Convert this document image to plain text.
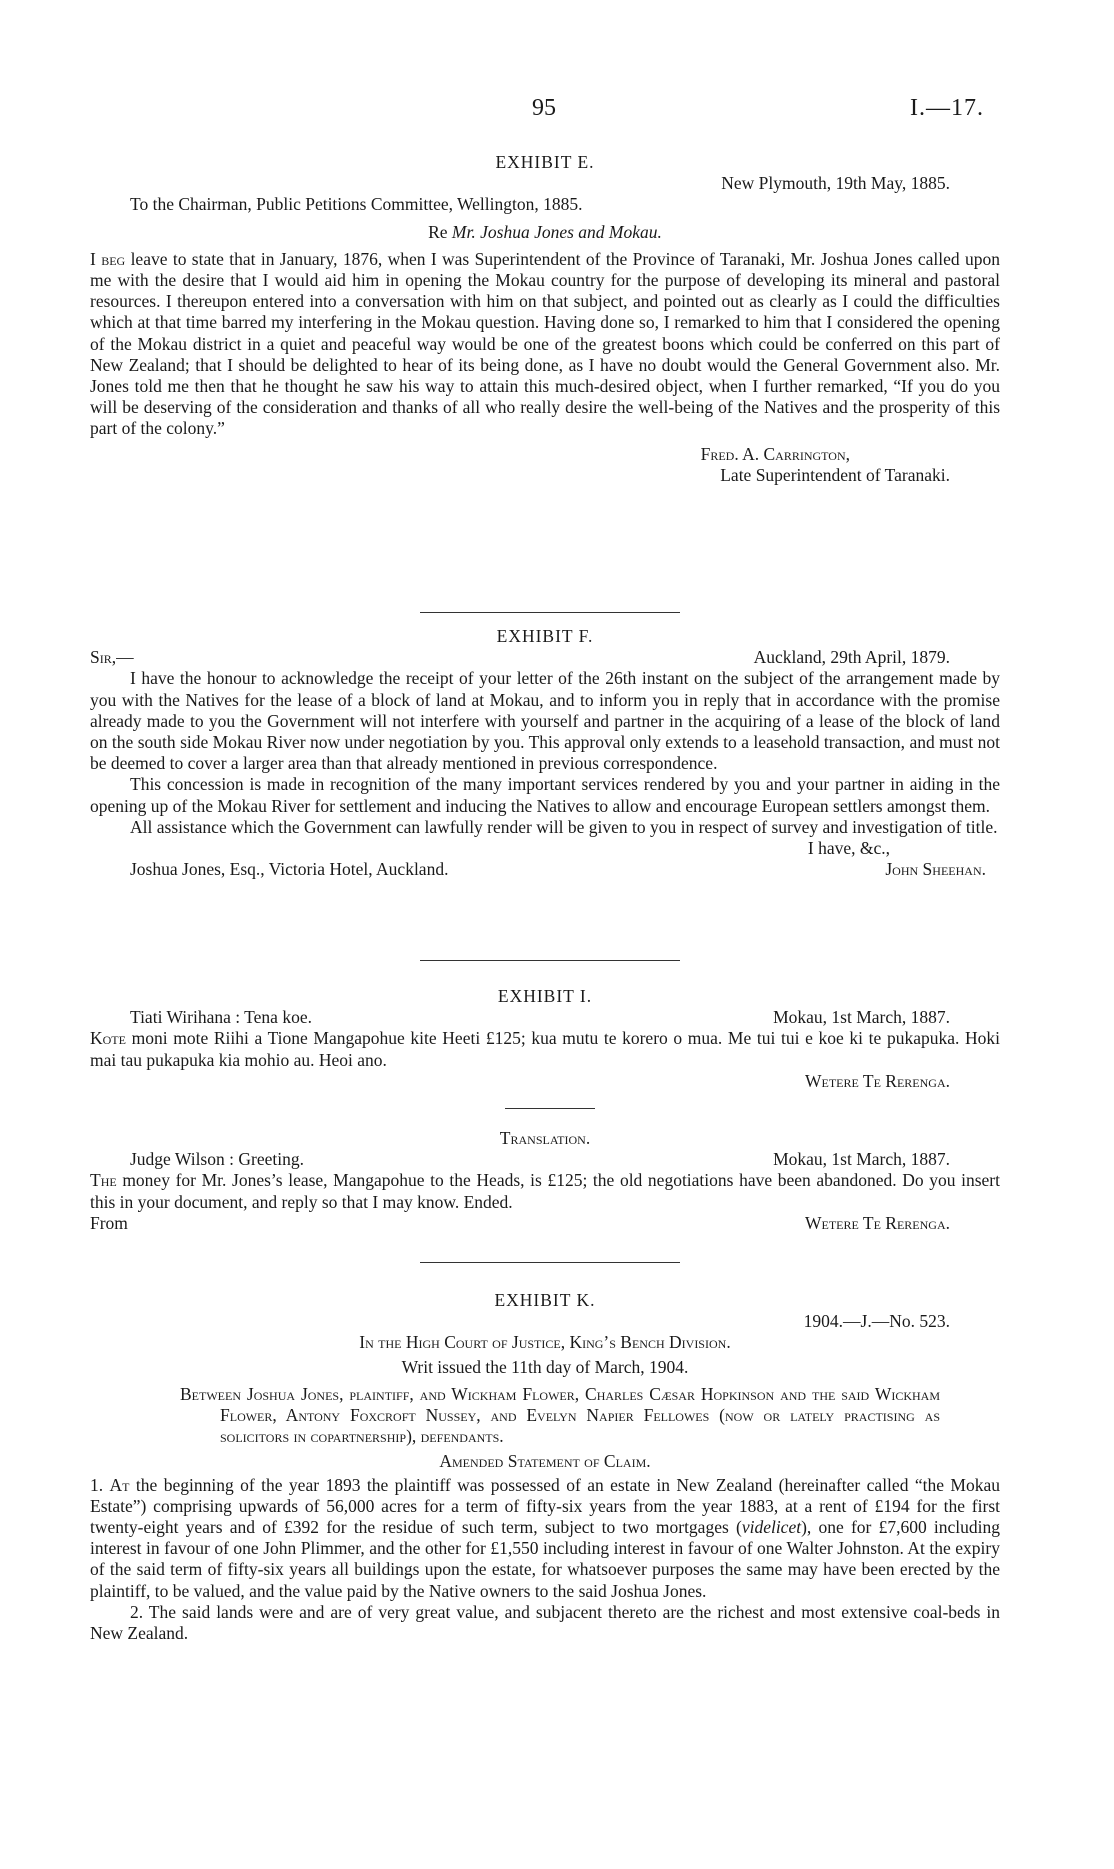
95	I.—17.
EXHIBIT E.
New Plymouth, 19th May, 1885.
To the Chairman, Public Petitions Committee, Wellington, 1885.
Re Mr. Joshua Jones and Mokau.

I beg leave to state that in January, 1876, when I was Superintendent of the Province of Taranaki, Mr. Joshua Jones called upon me with the desire that I would aid him in opening the Mokau country for the purpose of developing its mineral and pastoral resources. I thereupon entered into a conversation with him on that subject, and pointed out as clearly as I could the difficulties which at that time barred my interfering in the Mokau question. Having done so, I remarked to him that I considered the opening of the Mokau district in a quiet and peaceful way would be one of the greatest boons which could be conferred on this part of New Zealand; that I should be delighted to hear of its being done, as I have no doubt would the General Government also. Mr. Jones told me then that he thought he saw his way to attain this much-desired object, when I further remarked, “If you do you will be deserving of the consideration and thanks of all who really desire the well-being of the Natives and the prosperity of this part of the colony.”

Fred. A. Carrington,
Late Superintendent of Taranaki.
EXHIBIT F.
Sir,—	Auckland, 29th April, 1879.

I have the honour to acknowledge the receipt of your letter of the 26th instant on the subject of the arrangement made by you with the Natives for the lease of a block of land at Mokau, and to inform you in reply that in accordance with the promise already made to you the Government will not interfere with yourself and partner in the acquiring of a lease of the block of land on the south side Mokau River now under negotiation by you. This approval only extends to a leasehold transaction, and must not be deemed to cover a larger area than that already mentioned in previous correspondence.

This concession is made in recognition of the many important services rendered by you and your partner in aiding in the opening up of the Mokau River for settlement and inducing the Natives to allow and encourage European settlers amongst them.

All assistance which the Government can lawfully render will be given to you in respect of survey and investigation of title.

I have, &c.,
Joshua Jones, Esq., Victoria Hotel, Auckland.	John Sheehan.
EXHIBIT I.
Tiati Wirihana : Tena koe.	Mokau, 1st March, 1887.

Kote moni mote Riihi a Tione Mangapohue kite Heeti £125; kua mutu te korero o mua. Me tui tui e koe ki te pukapuka. Hoki mai tau pukapuka kia mohio au. Heoi ano.

Wetere Te Rerenga.
Translation.
Judge Wilson : Greeting.	Mokau, 1st March, 1887.

The money for Mr. Jones’s lease, Mangapohue to the Heads, is £125; the old negotiations have been abandoned. Do you insert this in your document, and reply so that I may know. Ended.

From	Wetere Te Rerenga.
EXHIBIT K.
1904.—J.—No. 523.
In the High Court of Justice, King’s Bench Division.
Writ issued the 11th day of March, 1904.

Between Joshua Jones, plaintiff, and Wickham Flower, Charles Cæsar Hopkinson and the said Wickham Flower, Antony Foxcroft Nussey, and Evelyn Napier Fellowes (now or lately practising as solicitors in copartnership), defendants.

Amended Statement of Claim.

1. At the beginning of the year 1893 the plaintiff was possessed of an estate in New Zealand (hereinafter called “the Mokau Estate”) comprising upwards of 56,000 acres for a term of fifty-six years from the year 1883, at a rent of £194 for the first twenty-eight years and of £392 for the residue of such term, subject to two mortgages (videlicet), one for £7,600 including interest in favour of one John Plimmer, and the other for £1,550 including interest in favour of one Walter Johnston. At the expiry of the said term of fifty-six years all buildings upon the estate, for whatsoever purposes the same may have been erected by the plaintiff, to be valued, and the value paid by the Native owners to the said Joshua Jones.

2. The said lands were and are of very great value, and subjacent thereto are the richest and most extensive coal-beds in New Zealand.
